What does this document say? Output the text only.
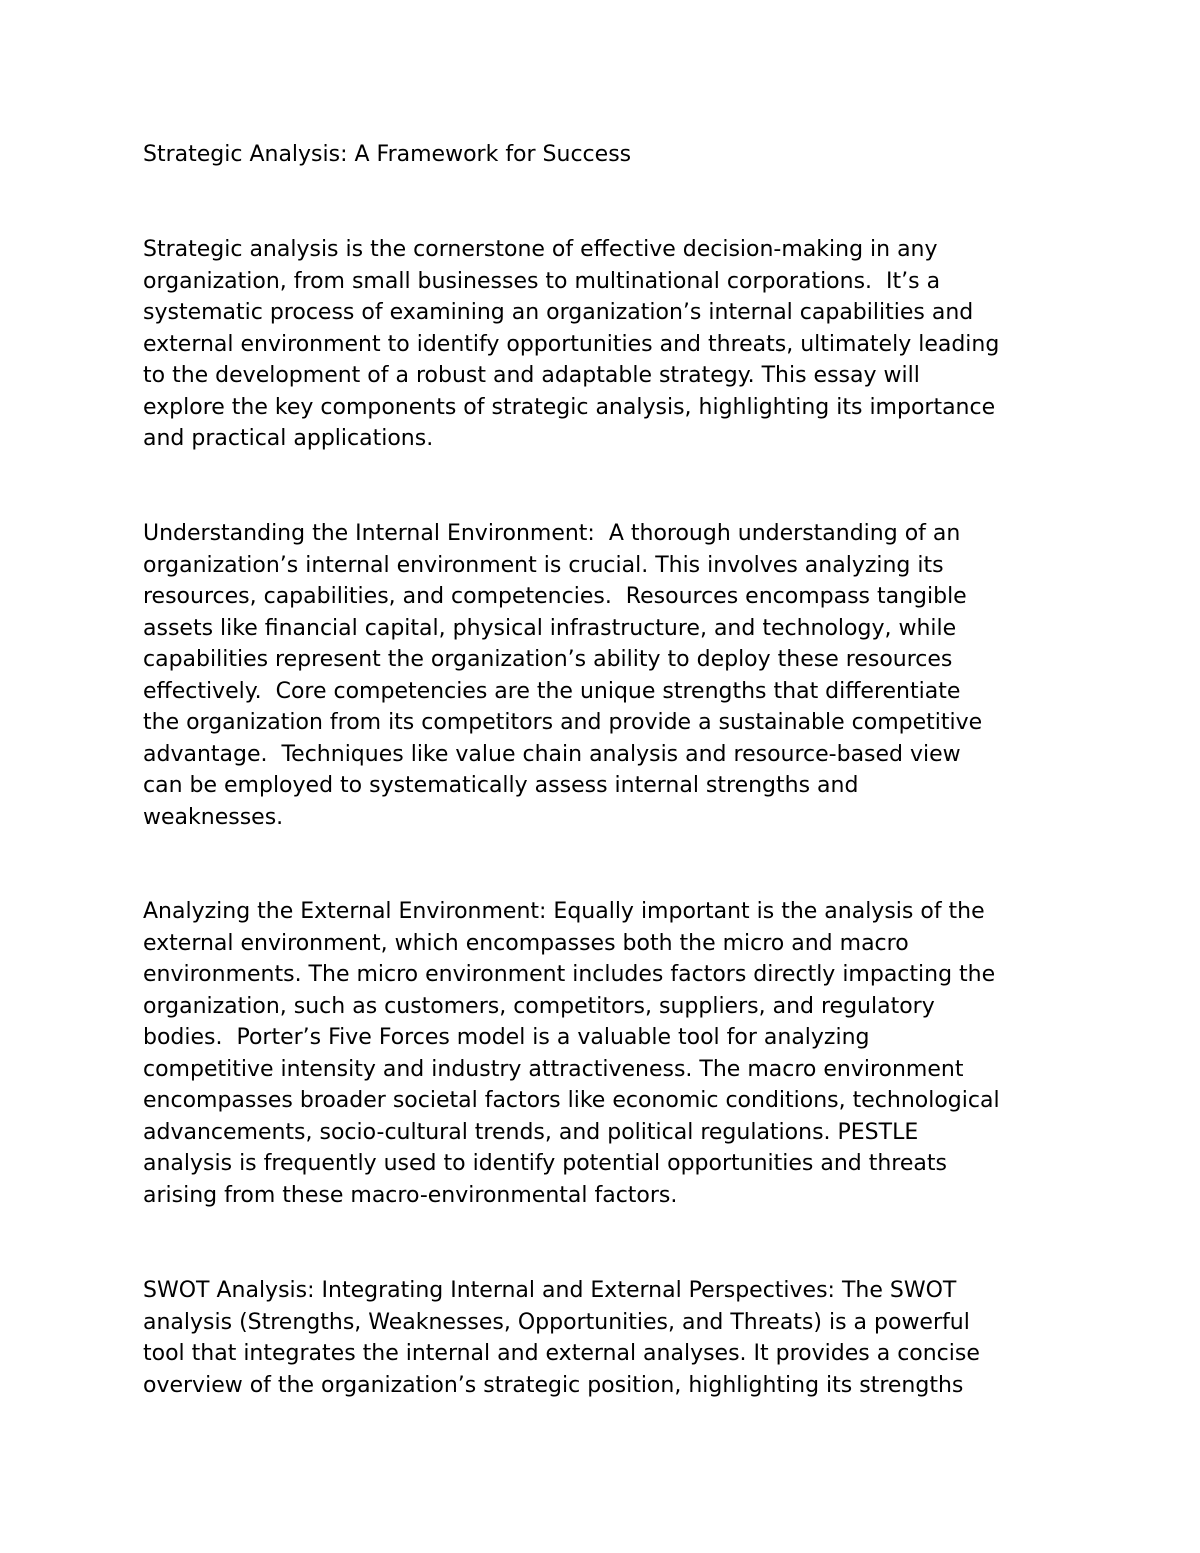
Strategic Analysis: A Framework for Success

Strategic analysis is the cornerstone of effective decision-making in any
organization, from small businesses to multinational corporations.  It’s a
systematic process of examining an organization’s internal capabilities and
external environment to identify opportunities and threats, ultimately leading
to the development of a robust and adaptable strategy. This essay will
explore the key components of strategic analysis, highlighting its importance
and practical applications.

Understanding the Internal Environment:  A thorough understanding of an
organization’s internal environment is crucial. This involves analyzing its
resources, capabilities, and competencies.  Resources encompass tangible
assets like financial capital, physical infrastructure, and technology, while
capabilities represent the organization’s ability to deploy these resources
effectively.  Core competencies are the unique strengths that differentiate
the organization from its competitors and provide a sustainable competitive
advantage.  Techniques like value chain analysis and resource-based view
can be employed to systematically assess internal strengths and
weaknesses.

Analyzing the External Environment: Equally important is the analysis of the
external environment, which encompasses both the micro and macro
environments. The micro environment includes factors directly impacting the
organization, such as customers, competitors, suppliers, and regulatory
bodies.  Porter’s Five Forces model is a valuable tool for analyzing
competitive intensity and industry attractiveness. The macro environment
encompasses broader societal factors like economic conditions, technological
advancements, socio-cultural trends, and political regulations. PESTLE
analysis is frequently used to identify potential opportunities and threats
arising from these macro-environmental factors.

SWOT Analysis: Integrating Internal and External Perspectives: The SWOT
analysis (Strengths, Weaknesses, Opportunities, and Threats) is a powerful
tool that integrates the internal and external analyses. It provides a concise
overview of the organization’s strategic position, highlighting its strengths
